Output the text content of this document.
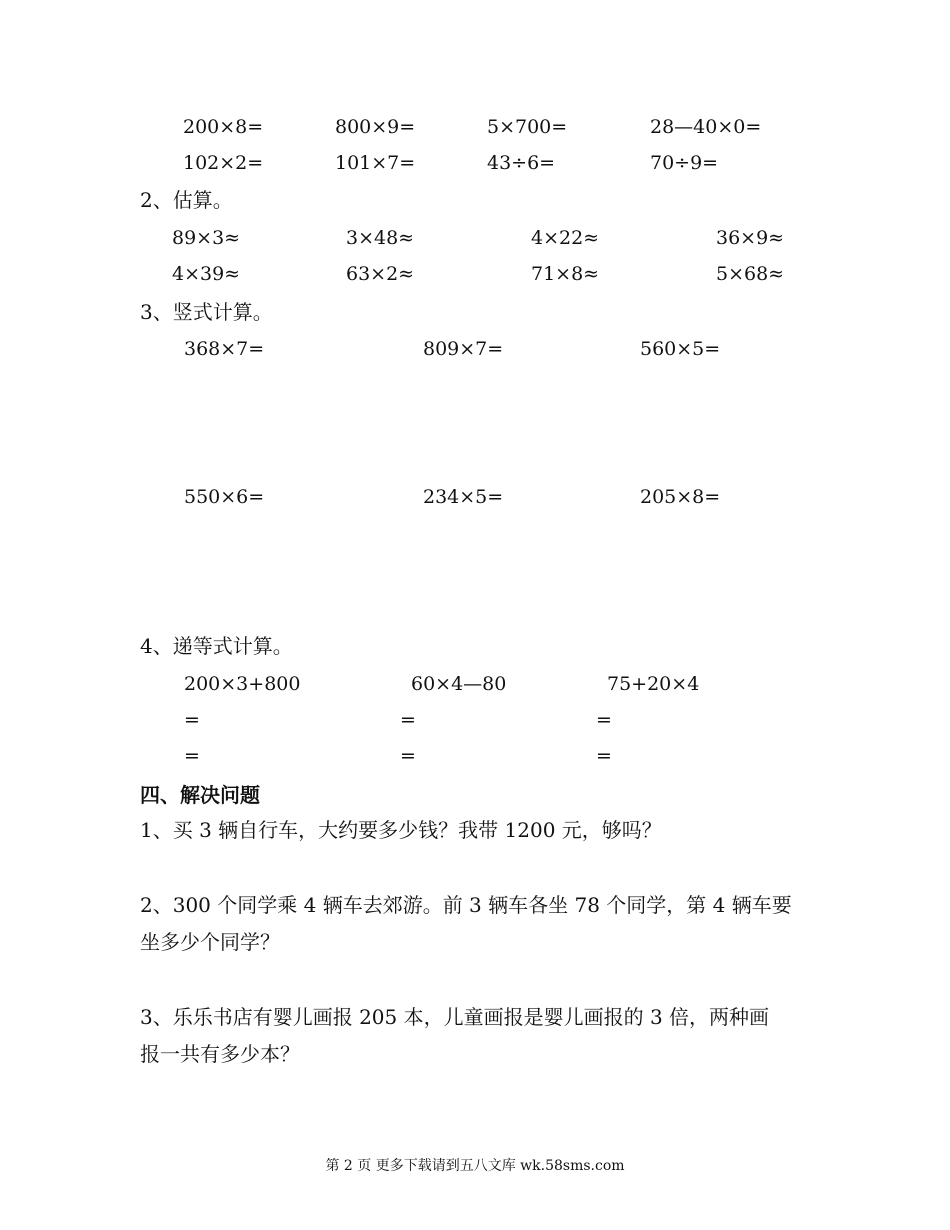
200×8=	800×9=	5×700=	28—40×0=
102×2=	101×7=	43÷6=	70÷9=
2、估算。
89×3≈	3×48≈	4×22≈	36×9≈
4×39≈	63×2≈	71×8≈	5×68≈
3、竖式计算。
368×7=	809×7=	560×5=
550×6=	234×5=	205×8=
4、递等式计算。
200×3+800	60×4—80	75+20×4
=	=	=
=	=	=
四、解决问题
1、买 3 辆自行车，大约要多少钱？我带 1200 元，够吗？
2、300 个同学乘 4 辆车去郊游。前 3 辆车各坐 78 个同学，第 4 辆车要
坐多少个同学？
3、乐乐书店有婴儿画报 205 本，儿童画报是婴儿画报的 3 倍，两种画
报一共有多少本？
第 2 页 更多下载请到五八文库 wk.58sms.com
